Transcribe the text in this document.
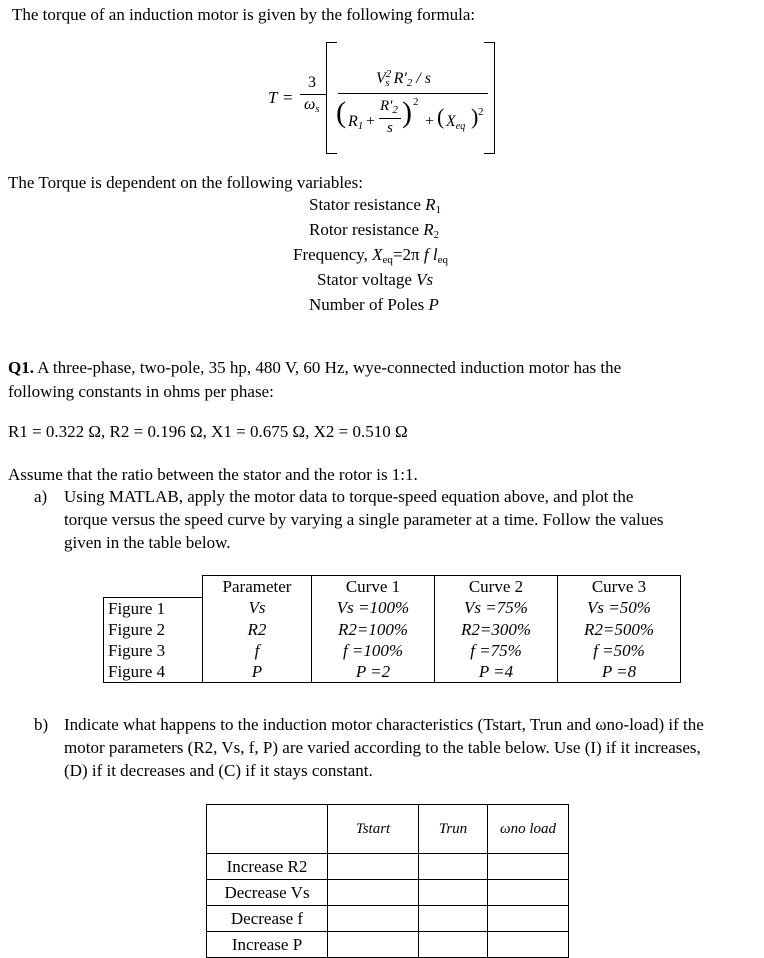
The torque of an induction motor is given by the following formula:
T =
3
$\omega_s$
$V^2_s$ $R'_2$ / s
( $R_1$ +
$R'_2$
s ) 2
+ ( $X_{eq}$ ) 2
The Torque is dependent on the following variables:
Stator resistance $R_1$
Rotor resistance $R_2$
Frequency, $X_{eq}=2\pi$ f $l_{eq}$
Stator voltage Vs
Number of Poles P
Q1. A three-phase, two-pole, 35 hp, 480 V, 60 Hz, wye-connected induction motor has the
following constants in ohms per phase:
R1 = 0.322 Ω, R2 = 0.196 Ω, X1 = 0.675 Ω, X2 = 0.510 Ω
Assume that the ratio between the stator and the rotor is 1:1.
a) Using MATLAB, apply the motor data to torque-speed equation above, and plot the
torque versus the speed curve by varying a single parameter at a time. Follow the values
given in the table below.
	Parameter	Curve 1	Curve 2	Curve 3
Figure 1	Vs	Vs =100%	Vs =75%	Vs =50%
Figure 2	R2	R2=100%	R2=300%	R2=500%
Figure 3	f	f =100%	f =75%	f =50%
Figure 4	P	P =2	P =4	P =8
b) Indicate what happens to the induction motor characteristics (Tstart, Trun and ωno-load) if the
motor parameters (R2, Vs, f, P) are varied according to the table below. Use (I) if it increases,
(D) if it decreases and (C) if it stays constant.
	Tstart	Trun	ωno load
Increase R2			
Decrease Vs			
Decrease f			
Increase P			
